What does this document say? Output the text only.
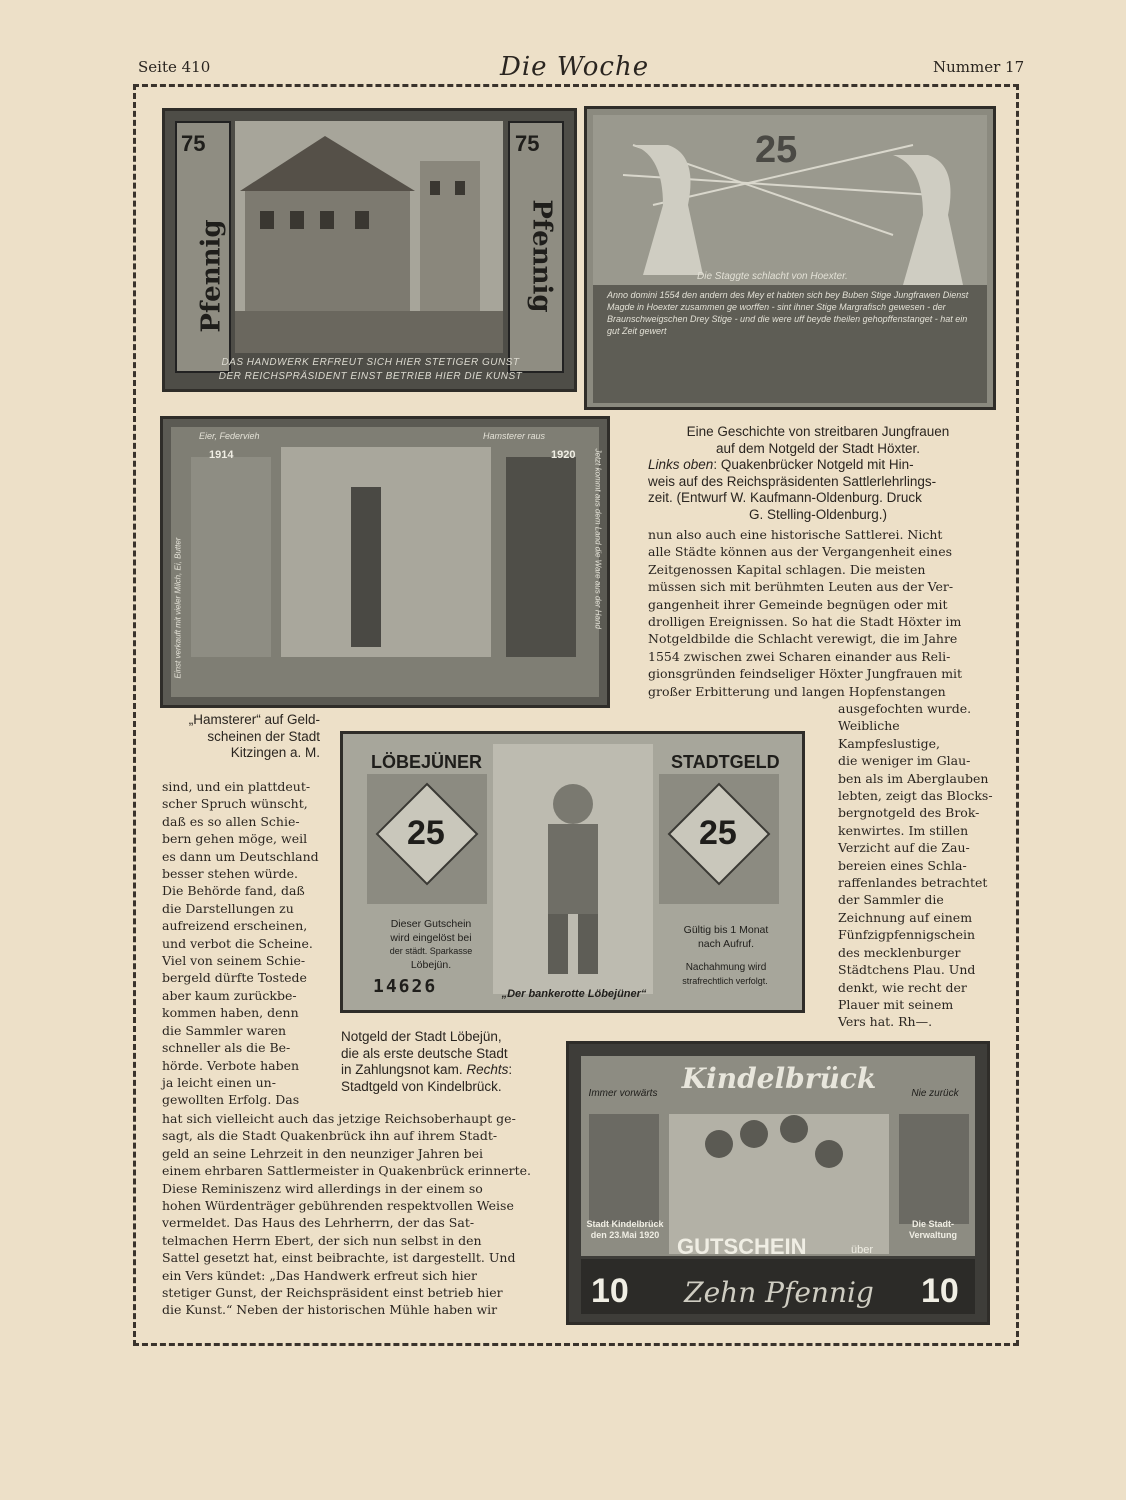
Seite 410	Die Woche	Nummer 17
75	75
Pfennig	Pfennig
DAS HANDWERK ERFREUT SICH HIER STETIGER GUNST
DER REICHSPRÄSIDENT EINST BETRIEB HIER DIE KUNST
25
Die Staggte schlacht von Hoexter.
Anno domini 1554 den andern des Mey et habten sich bey Buben Stige Jungfrawen Dienst Magde in Hoexter zusammen ge worffen - sint ihner Stige Margrafisch gewesen - der Braunschweigschen Drey Stige - und die were uff beyde theilen gehopffenstanget - hat ein gut Zeit gewert
1914	1920
Eier, Federvieh	Hamsterer raus
Einst verkauft mit vieler Milch, Ei, Butter	Jetzt kommt aus dem Land die Ware aus der Hand
LÖBEJÜNER	STADTGELD
25	25
Dieser Gutschein
wird eingelöst bei
der städt. Sparkasse
Löbejün.
14626
Gültig bis 1 Monat
nach Aufruf.
Nachahmung wird
strafrechtlich verfolgt.
„Der bankerotte Löbejüner“
Kindelbrück
Immer vorwärts	Nie zurück
Stadt Kindelbrück den 23.Mai 1920
Die Stadt-Verwaltung
GUTSCHEIN	über
10	10
Zehn Pfennig
Eine Geschichte von streitbaren Jungfrauen
auf dem Notgeld der Stadt Höxter.
Links oben: Quakenbrücker Notgeld mit Hin-
weis auf des Reichspräsidenten Sattlerlehrlings-
zeit. (Entwurf W. Kaufmann-Oldenburg. Druck
G. Stelling-Oldenburg.)
„Hamsterer“ auf Geld-
scheinen der Stadt
Kitzingen a. M.
Notgeld der Stadt Löbejün,
die als erste deutsche Stadt
in Zahlungsnot kam. Rechts:
Stadtgeld von Kindelbrück.
nun also auch eine historische Sattlerei. Nicht
alle Städte können aus der Vergangenheit eines
Zeitgenossen Kapital schlagen. Die meisten
müssen sich mit berühmten Leuten aus der Ver-
gangenheit ihrer Gemeinde begnügen oder mit
drolligen Ereignissen. So hat die Stadt Höxter im
Notgeldbilde die Schlacht verewigt, die im Jahre
1554 zwischen zwei Scharen einander aus Reli-
gionsgründen feindseliger Höxter Jungfrauen mit
großer Erbitterung und langen Hopfenstangen
ausgefochten wurde.
Weibliche Kampfeslustige,
die weniger im Glau-
ben als im Aberglauben
lebten, zeigt das Blocks-
bergnotgeld des Brok-
kenwirtes. Im stillen
Verzicht auf die Zau-
bereien eines Schla-
raffenlandes betrachtet
der Sammler die
Zeichnung auf einem
Fünfzigpfennigschein
des mecklenburger
Städtchens Plau. Und
denkt, wie recht der
Plauer mit seinem
Vers hat. Rh—.
sind, und ein plattdeut-
scher Spruch wünscht,
daß es so allen Schie-
bern gehen möge, weil
es dann um Deutschland
besser stehen würde.
Die Behörde fand, daß
die Darstellungen zu
aufreizend erscheinen,
und verbot die Scheine.
Viel von seinem Schie-
bergeld dürfte Tostede
aber kaum zurückbe-
kommen haben, denn
die Sammler waren
schneller als die Be-
hörde. Verbote haben
ja leicht einen un-
gewollten Erfolg. Das
hat sich vielleicht auch das jetzige Reichsoberhaupt ge-
sagt, als die Stadt Quakenbrück ihn auf ihrem Stadt-
geld an seine Lehrzeit in den neunziger Jahren bei
einem ehrbaren Sattlermeister in Quakenbrück erinnerte.
Diese Reminiszenz wird allerdings in der einem so
hohen Würdenträger gebührenden respektvollen Weise
vermeldet. Das Haus des Lehrherrn, der das Sat-
telmachen Herrn Ebert, der sich nun selbst in den
Sattel gesetzt hat, einst beibrachte, ist dargestellt. Und
ein Vers kündet: „Das Handwerk erfreut sich hier
stetiger Gunst, der Reichspräsident einst betrieb hier
die Kunst.“ Neben der historischen Mühle haben wir
